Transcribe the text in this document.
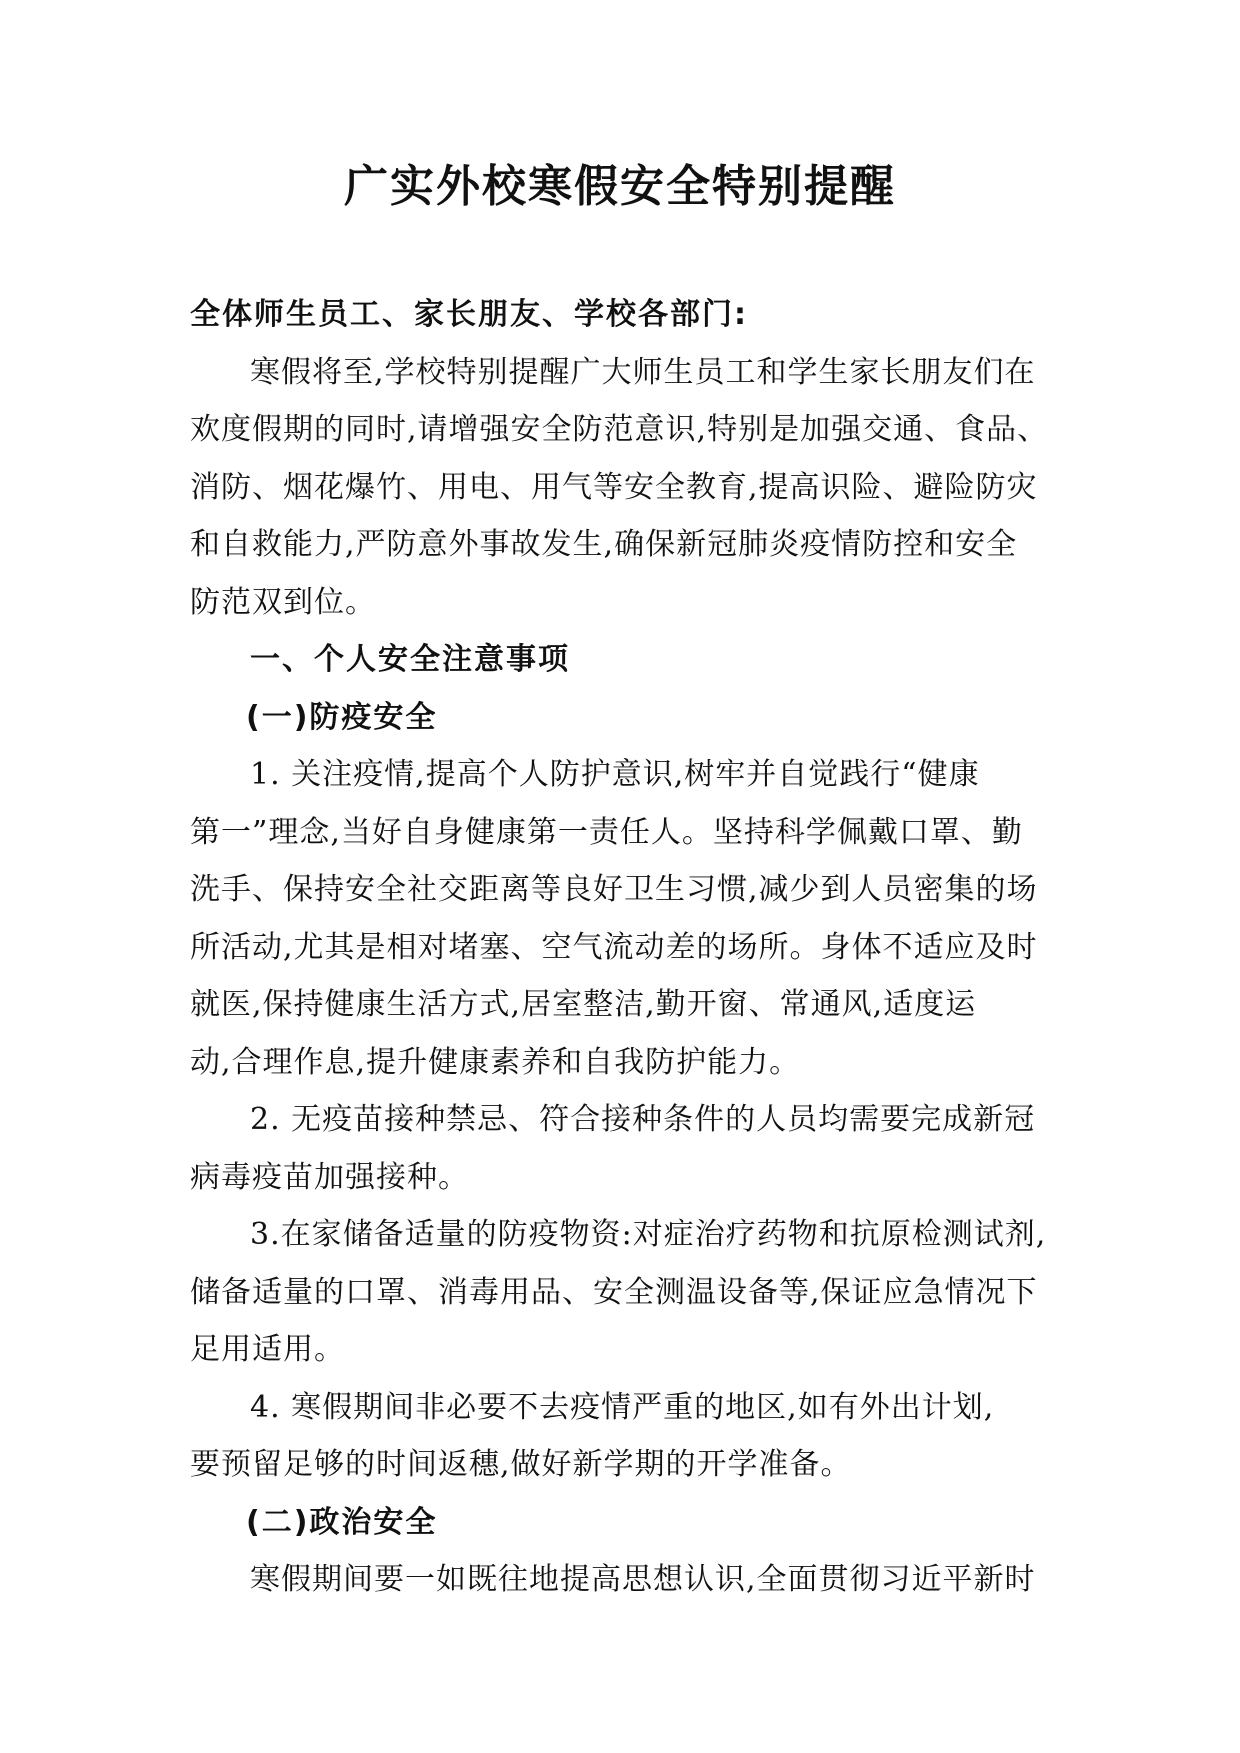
广实外校寒假安全特别提醒
全体师生员工、家长朋友、学校各部门:
寒假将至,学校特别提醒广大师生员工和学生家长朋友们在
欢度假期的同时,请增强安全防范意识,特别是加强交通、食品、
消防、烟花爆竹、用电、用气等安全教育,提高识险、避险防灾
和自救能力,严防意外事故发生,确保新冠肺炎疫情防控和安全
防范双到位。
一、个人安全注意事项
(一)防疫安全
1. 关注疫情,提高个人防护意识,树牢并自觉践行“健康
第一”理念,当好自身健康第一责任人。坚持科学佩戴口罩、勤
洗手、保持安全社交距离等良好卫生习惯,减少到人员密集的场
所活动,尤其是相对堵塞、空气流动差的场所。身体不适应及时
就医,保持健康生活方式,居室整洁,勤开窗、常通风,适度运
动,合理作息,提升健康素养和自我防护能力。
2. 无疫苗接种禁忌、符合接种条件的人员均需要完成新冠
病毒疫苗加强接种。
3.在家储备适量的防疫物资:对症治疗药物和抗原检测试剂,
储备适量的口罩、消毒用品、安全测温设备等,保证应急情况下
足用适用。
4. 寒假期间非必要不去疫情严重的地区,如有外出计划,
要预留足够的时间返穗,做好新学期的开学准备。
(二)政治安全
寒假期间要一如既往地提高思想认识,全面贯彻习近平新时
